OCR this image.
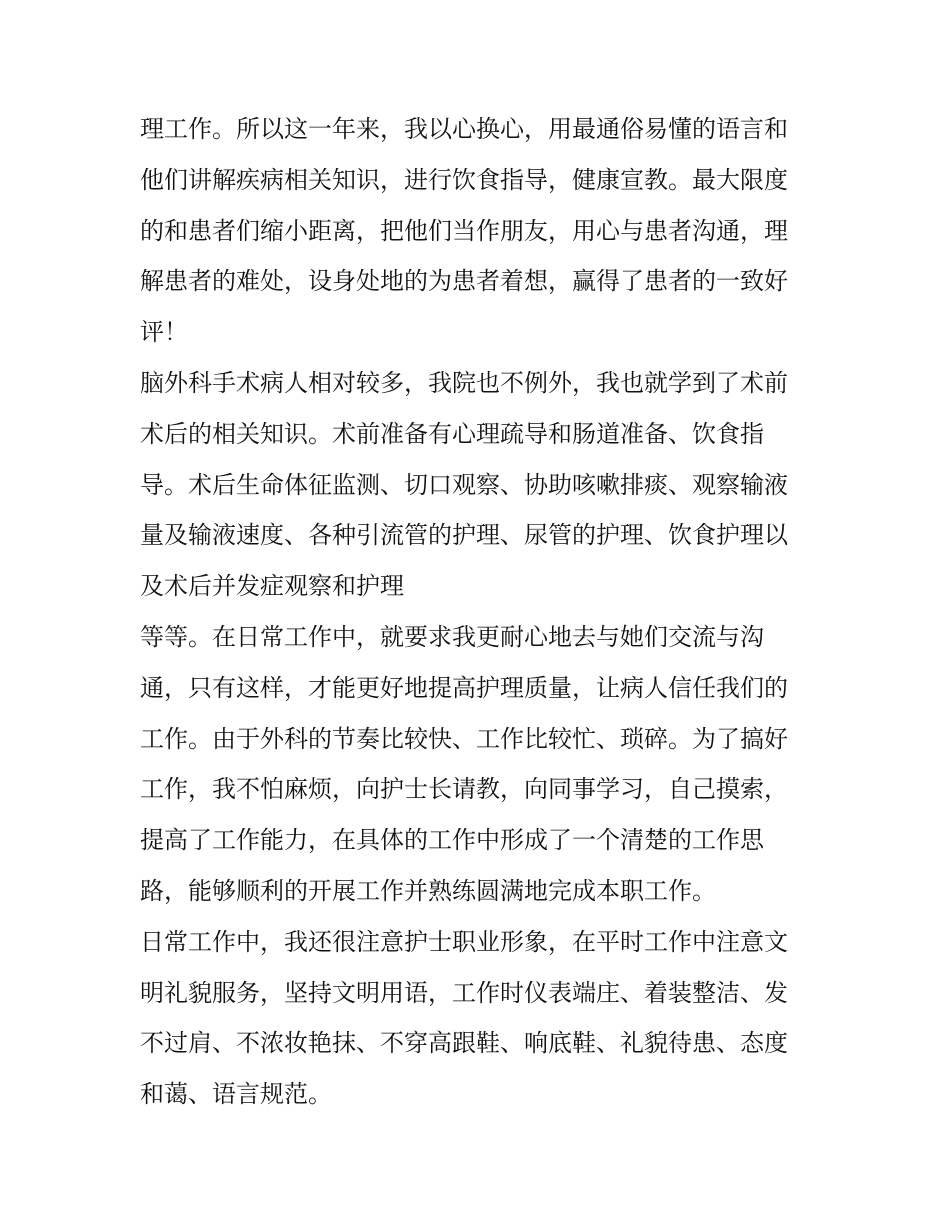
理工作。所以这一年来，我以心换心，用最通俗易懂的语言和
他们讲解疾病相关知识，进行饮食指导，健康宣教。最大限度
的和患者们缩小距离，把他们当作朋友，用心与患者沟通，理
解患者的难处，设身处地的为患者着想，赢得了患者的一致好
评！
脑外科手术病人相对较多，我院也不例外，我也就学到了术前
术后的相关知识。术前准备有心理疏导和肠道准备、饮食指
导。术后生命体征监测、切口观察、协助咳嗽排痰、观察输液
量及输液速度、各种引流管的护理、尿管的护理、饮食护理以
及术后并发症观察和护理
等等。在日常工作中，就要求我更耐心地去与她们交流与沟
通，只有这样，才能更好地提高护理质量，让病人信任我们的
工作。由于外科的节奏比较快、工作比较忙、琐碎。为了搞好
工作，我不怕麻烦，向护士长请教，向同事学习，自己摸索，
提高了工作能力，在具体的工作中形成了一个清楚的工作思
路，能够顺利的开展工作并熟练圆满地完成本职工作。
日常工作中，我还很注意护士职业形象，在平时工作中注意文
明礼貌服务，坚持文明用语，工作时仪表端庄、着装整洁、发
不过肩、不浓妆艳抹、不穿高跟鞋、响底鞋、礼貌待患、态度
和蔼、语言规范。
